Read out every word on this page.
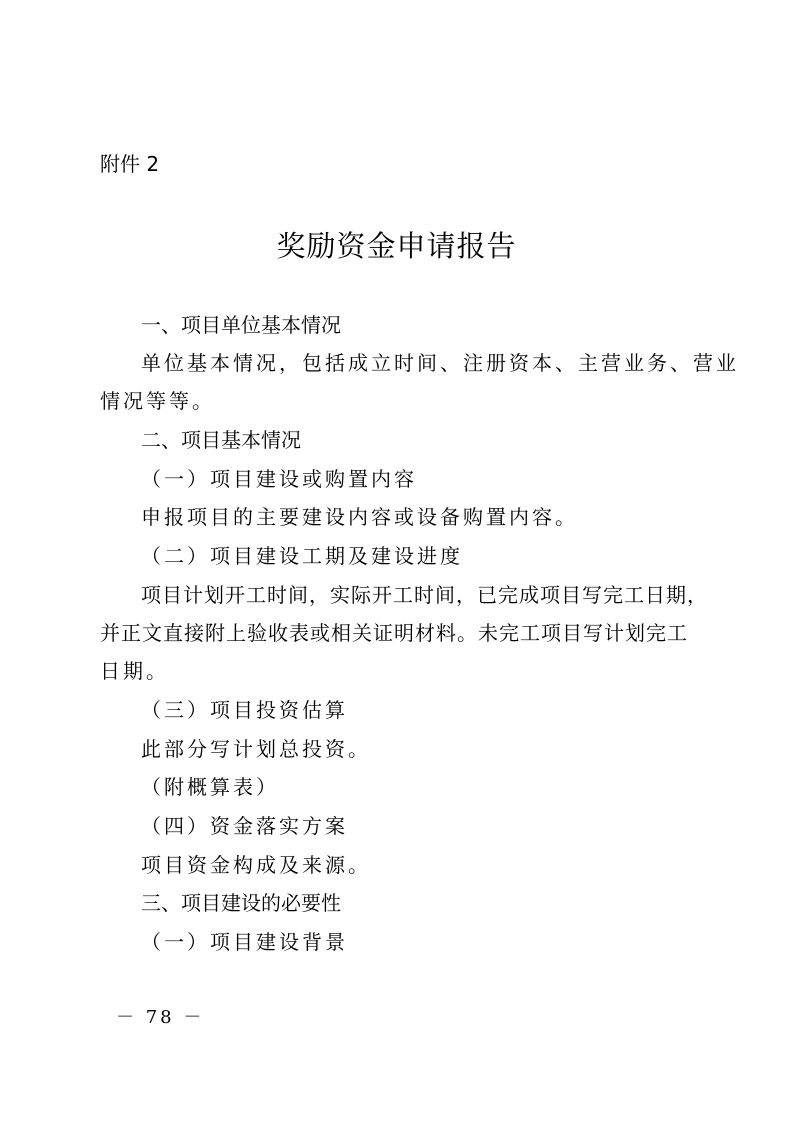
附件 2
奖励资金申请报告
一、项目单位基本情况
单位基本情况，包括成立时间、注册资本、主营业务、营业
情况等等。
二、项目基本情况
（一）项目建设或购置内容
申报项目的主要建设内容或设备购置内容。
（二）项目建设工期及建设进度
项目计划开工时间，实际开工时间，已完成项目写完工日期，
并正文直接附上验收表或相关证明材料。未完工项目写计划完工
日期。
（三）项目投资估算
此部分写计划总投资。
（附概算表）
（四）资金落实方案
项目资金构成及来源。
三、项目建设的必要性
（一）项目建设背景
－ 78 －
